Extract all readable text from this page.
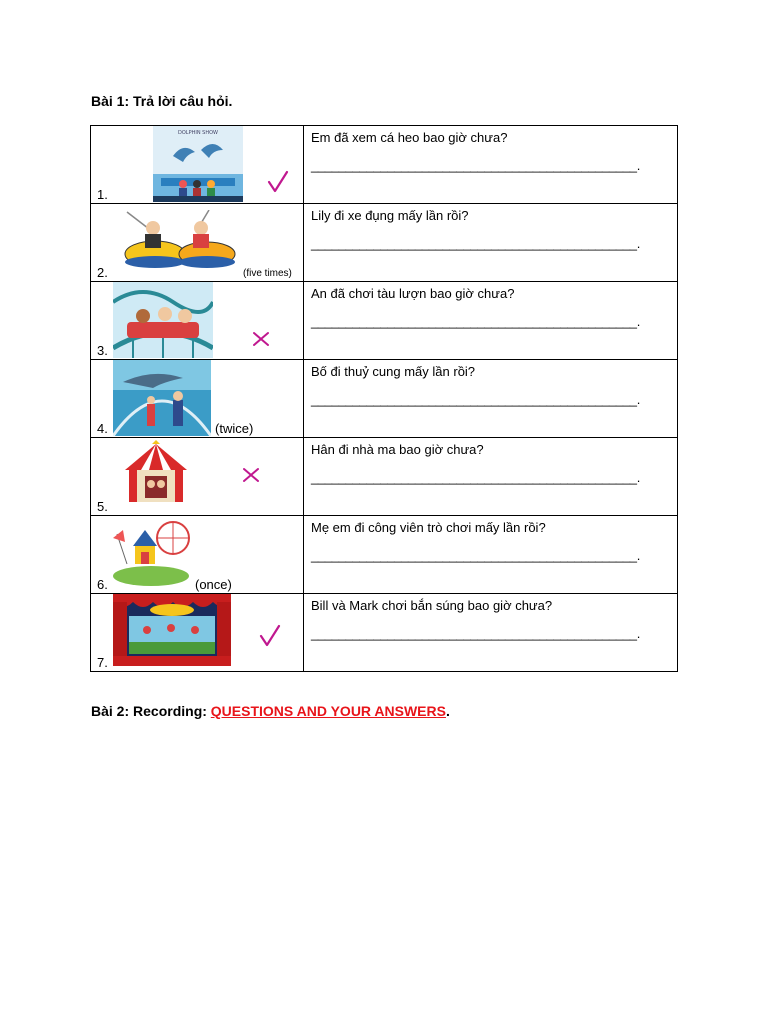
Bài 1: Trả lời câu hỏi.
DOLPHIN SHOW
1.	Em đã xem cá heo bao giờ chưa?
_______________________________________________.

(five times)
2.	Lily đi xe đụng mấy lần rồi?
_______________________________________________.

3.	An đã chơi tàu lượn bao giờ chưa?
_______________________________________________.

(twice)
4.	Bố đi thuỷ cung mấy lần rồi?
_______________________________________________.

5.	Hân đi nhà ma bao giờ chưa?
_______________________________________________.

(once)
6.	Mẹ em đi công viên trò chơi mấy lần rồi?
_______________________________________________.

7.	Bill và Mark chơi bắn súng bao giờ chưa?
_______________________________________________.
Bài 2: Recording: QUESTIONS AND YOUR ANSWERS.
